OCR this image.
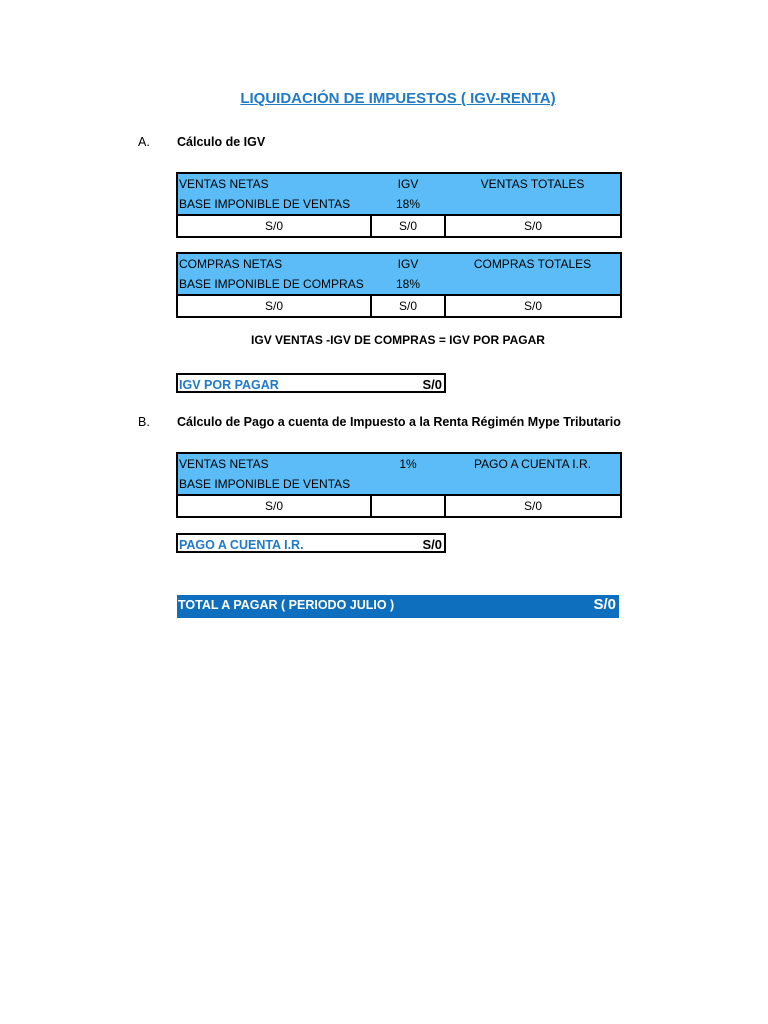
LIQUIDACIÓN DE IMPUESTOS ( IGV-RENTA)
A. Cálculo de IGV
VENTAS NETAS	IGV	VENTAS TOTALES
BASE IMPONIBLE DE VENTAS	18%	
S/0	S/0	S/0
COMPRAS NETAS	IGV	COMPRAS TOTALES
BASE IMPONIBLE DE COMPRAS	18%	
S/0	S/0	S/0
IGV VENTAS -IGV DE COMPRAS = IGV POR PAGAR
IGV POR PAGAR	S/0
B. Cálculo de Pago a cuenta de Impuesto a la Renta Régimén Mype Tributario
VENTAS NETAS	1%	PAGO A CUENTA I.R.
BASE IMPONIBLE DE VENTAS		
S/0		S/0
PAGO A CUENTA I.R.	S/0
TOTAL A PAGAR ( PERIODO JULIO )	S/0
